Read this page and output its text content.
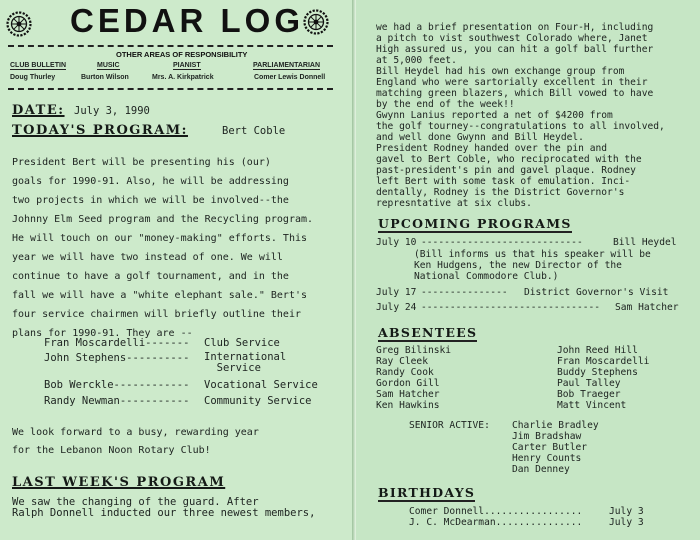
CEDAR LOG
OTHER AREAS OF RESPONSIBILITY
CLUB BULLETIN	MUSIC	PIANIST	PARLIAMENTARIAN
Doug Thurley	Burton Wilson	Mrs. A. Kirkpatrick	Comer Lewis Donnell
DATE: July 3, 1990
TODAY'S PROGRAM:	Bert Coble
President Bert will be presenting his (our)
goals for 1990-91. Also, he will be addressing
two projects in which we will be involved--the
Johnny Elm Seed program and the Recycling program.
He will touch on our "money-making" efforts. This
year we will have two instead of one. We will
continue to have a golf tournament, and in the
fall we will have a "white elephant sale." Bert's
four service chairmen will briefly outline their
plans for 1990-91. They are --
Fran Moscardelli------- Club Service
John Stephens---------- International
Service
Bob Werckle------------ Vocational Service
Randy Newman----------- Community Service
We look forward to a busy, rewarding year
for the Lebanon Noon Rotary Club!
LAST WEEK'S PROGRAM
We saw the changing of the guard. After
Ralph Donnell inducted our three newest members,
we had a brief presentation on Four-H, including
a pitch to vist southwest Colorado where, Janet
High assured us, you can hit a golf ball further
at 5,000 feet.
Bill Heydel had his own exchange group from
England who were sartorially excellent in their
matching green blazers, which Bill vowed to have
by the end of the week!!
Gwynn Lanius reported a net of $4200 from
the golf tourney--congratulations to all involved,
and well done Gwynn and Bill Heydel.
President Rodney handed over the pin and
gavel to Bert Coble, who reciprocated with the
past-president's pin and gavel plaque. Rodney
left Bert with some task of emulation. Inci-
dentally, Rodney is the District Governor's
represntative at six clubs.
UPCOMING PROGRAMS
July 10 ----------------------------	Bill Heydel
(Bill informs us that his speaker will be
Ken Hudgens, the new Director of the
National Commodore Club.)
July 17 --------------- District Governor's Visit
July 24 ------------------------------- Sam Hatcher
ABSENTEES
Greg Bilinski
Ray Cleek
Randy Cook
Gordon Gill
Sam Hatcher
Ken Hawkins
John Reed Hill
Fran Moscardelli
Buddy Stephens
Paul Talley
Bob Traeger
Matt Vincent
SENIOR ACTIVE: Charlie Bradley
Jim Bradshaw
Carter Butler
Henry Counts
Dan Denney
BIRTHDAYS
Comer Donnell.................	July 3
J. C. McDearman...............	July 3
